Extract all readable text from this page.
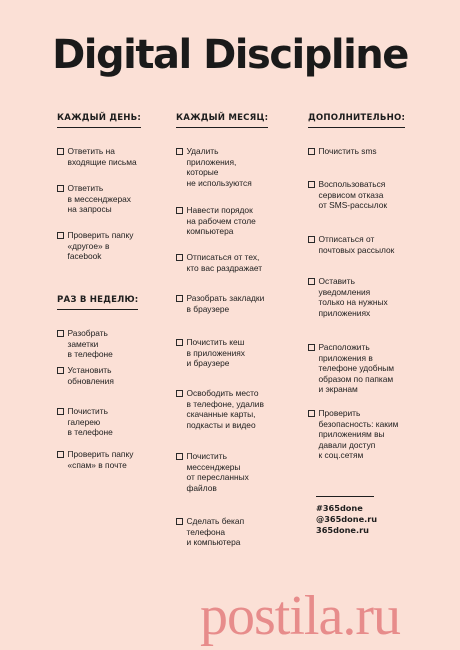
Digital Discipline
КАЖДЫЙ ДЕНЬ:
Ответить на
входящие письма
Ответить
в мессенджерах
на запросы
Проверить папку
«другое» в facebook
РАЗ В НЕДЕЛЮ:
Разобрать заметки
в телефоне
Установить
обновления
Почистить галерею
в телефоне
Проверить папку
«спам» в почте
КАЖДЫЙ МЕСЯЦ:
Удалить
приложения,
которые
не используются
Навести порядок
на рабочем столе
компьютера
Отписаться от тех,
кто вас раздражает
Разобрать закладки
в браузере
Почистить кеш
в приложениях
и браузере
Освободить место
в телефоне, удалив
скачанные карты,
подкасты и видео
Почистить
мессенджеры
от пересланных
файлов
Сделать бекап
телефона
и компьютера
ДОПОЛНИТЕЛЬНО:
Почистить sms
Воспользоваться
сервисом отказа
от SMS-рассылок
Отписаться от
почтовых рассылок
Оставить
уведомления
только на нужных
приложениях
Расположить
приложения в
телефоне удобным
образом по папкам
и экранам
Проверить
безопасность: каким
приложениям вы
давали доступ
к соц.сетям
#365done
@365done.ru
365done.ru
postila.ru
